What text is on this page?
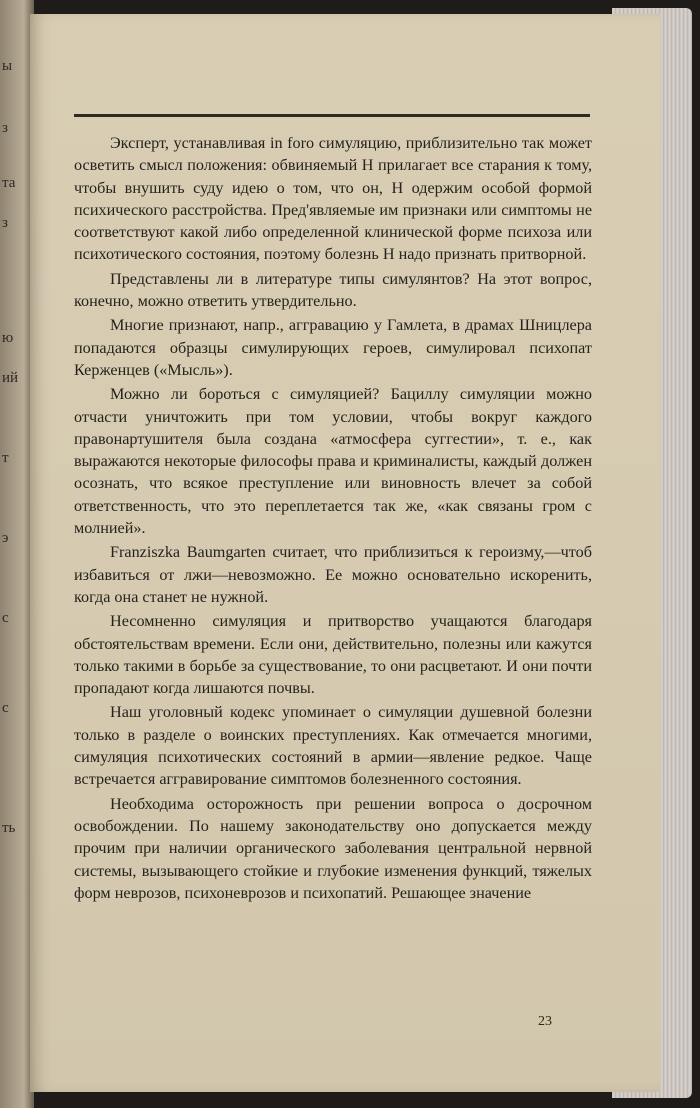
ы
з
та
з
ю
ий
т
э
с
с
ть

Эксперт, устанавливая in foro симуляцию, приблизительно так может осветить смысл положения: обвиняемый Н прилагает все старания к тому, чтобы внушить суду идею о том, что он, Н одержим особой формой психического расстройства. Пред'являемые им признаки или симптомы не соответствуют какой либо определенной клинической форме психоза или психотического состояния, поэтому болезнь Н надо признать притворной.

Представлены ли в литературе типы симулянтов? На этот вопрос, конечно, можно ответить утвердительно.

Многие признают, напр., аггравацию у Гамлета, в драмах Шницлера попадаются образцы симулирующих героев, симулировал психопат Керженцев («Мысль»).

Можно ли бороться с симуляцией? Бациллу симуляции можно отчасти уничтожить при том условии, чтобы вокруг каждого правонартушителя была создана «атмосфера суггестии», т. е., как выражаются некоторые философы права и криминалисты, каждый должен осознать, что всякое преступление или виновность влечет за собой ответственность, что это переплетается так же, «как связаны гром с молнией».

Franziszka Baumgarten считает, что приблизиться к героизму,—чтоб избавиться от лжи—невозможно. Ее можно основательно искоренить, когда она станет не нужной.

Несомненно симуляция и притворство учащаются благодаря обстоятельствам времени. Если они, действительно, полезны или кажутся только такими в борьбе за существование, то они расцветают. И они почти пропадают когда лишаются почвы.

Наш уголовный кодекс упоминает о симуляции душевной болезни только в разделе о воинских преступлениях. Как отмечается многими, симуляция психотических состояний в армии—явление редкое. Чаще встречается аггравирование симптомов болезненного состояния.

Необходима осторожность при решении вопроса о досрочном освобождении. По нашему законодательству оно допускается между прочим при наличии органического заболевания центральной нервной системы, вызывающего стойкие и глубокие изменения функций, тяжелых форм неврозов, психоневрозов и психопатий. Решающее значение

23
